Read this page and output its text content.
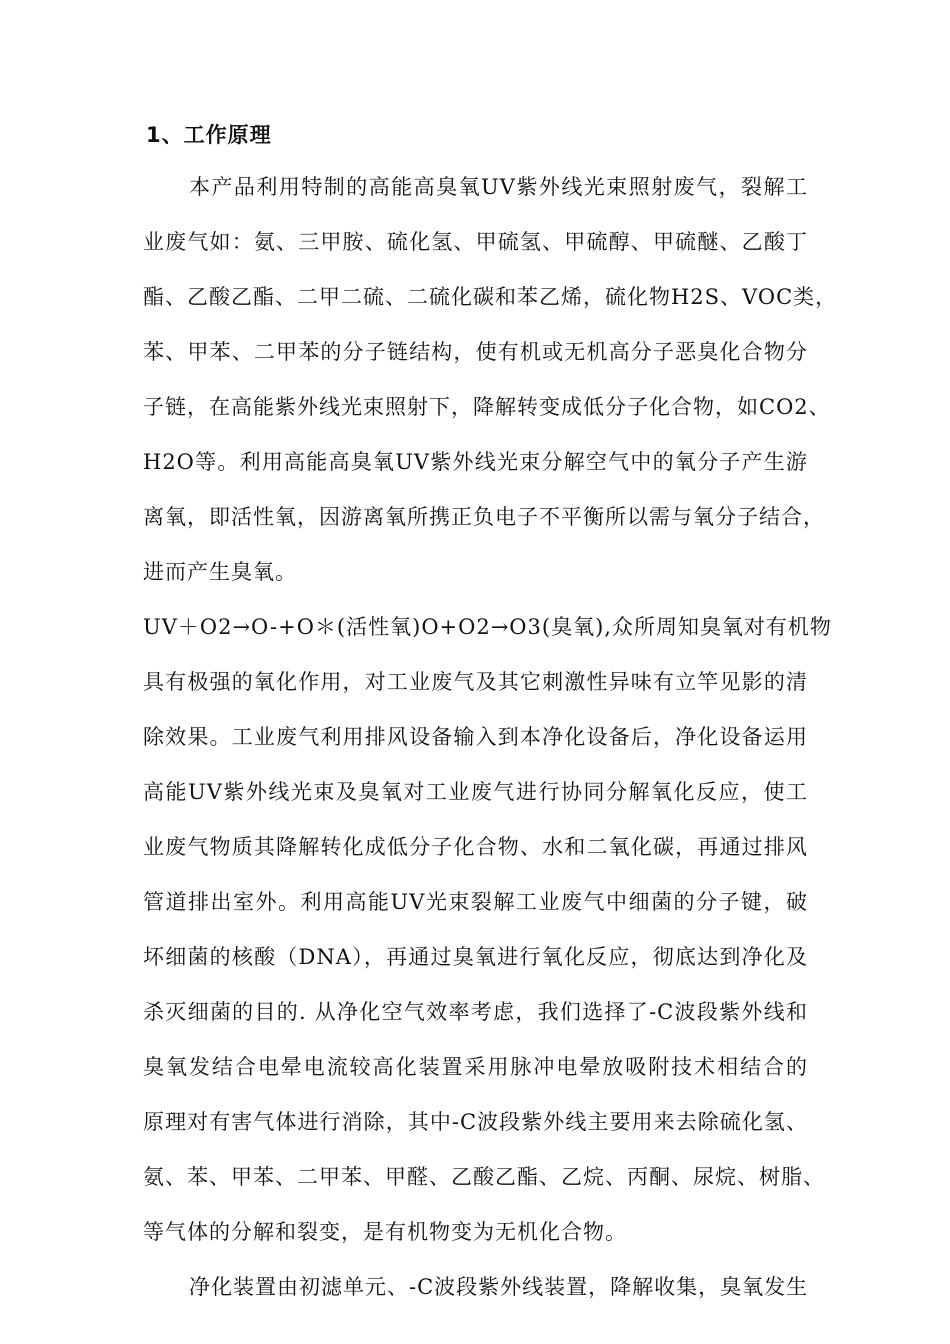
1、工作原理
本产品利用特制的高能高臭氧UV紫外线光束照射废气，裂解工
业废气如：氨、三甲胺、硫化氢、甲硫氢、甲硫醇、甲硫醚、乙酸丁
酯、乙酸乙酯、二甲二硫、二硫化碳和苯乙烯，硫化物H2S、VOC类，
苯、甲苯、二甲苯的分子链结构，使有机或无机高分子恶臭化合物分
子链，在高能紫外线光束照射下，降解转变成低分子化合物，如CO2、
H2O等。利用高能高臭氧UV紫外线光束分解空气中的氧分子产生游
离氧，即活性氧，因游离氧所携正负电子不平衡所以需与氧分子结合，
进而产生臭氧。
UV＋O2→O-+O＊(活性氧)O+O2→O3(臭氧),众所周知臭氧对有机物
具有极强的氧化作用，对工业废气及其它刺激性异味有立竿见影的清
除效果。工业废气利用排风设备输入到本净化设备后，净化设备运用
高能UV紫外线光束及臭氧对工业废气进行协同分解氧化反应，使工
业废气物质其降解转化成低分子化合物、水和二氧化碳，再通过排风
管道排出室外。利用高能UV光束裂解工业废气中细菌的分子键，破
坏细菌的核酸（DNA），再通过臭氧进行氧化反应，彻底达到净化及
杀灭细菌的目的. 从净化空气效率考虑，我们选择了-C波段紫外线和
臭氧发结合电晕电流较高化装置采用脉冲电晕放吸附技术相结合的
原理对有害气体进行消除，其中-C波段紫外线主要用来去除硫化氢、
氨、苯、甲苯、二甲苯、甲醛、乙酸乙酯、乙烷、丙酮、尿烷、树脂、
等气体的分解和裂变，是有机物变为无机化合物。
净化装置由初滤单元、-C波段紫外线装置，降解收集，臭氧发生
